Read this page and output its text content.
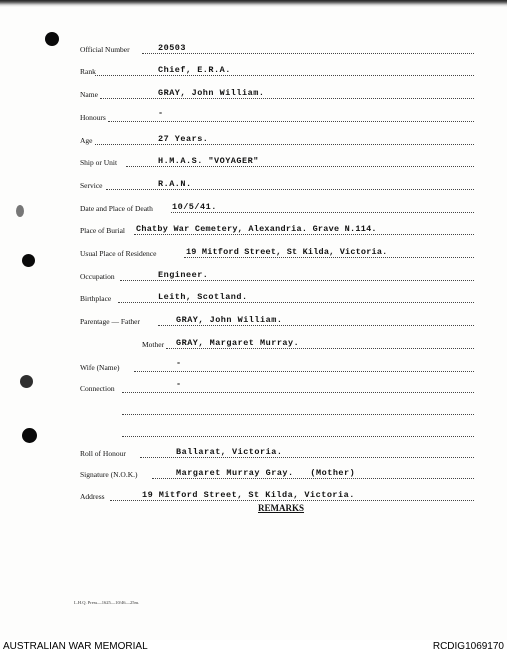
Official Number	20503
Rank	Chief, E.R.A.
Name	GRAY, John William.
Honours	-
Age	27 Years.
Ship or Unit	H.M.A.S. "VOYAGER"
Service	R.A.N.
Date and Place of Death 10/5/41.
Place of Burial Chatby War Cemetery, Alexandria. Grave N.114.
Usual Place of Residence	19 Mitford Street, St Kilda, Victoria.
Occupation	Engineer.
Birthplace	Leith, Scotland.
Parentage — Father	GRAY, John William.
Mother GRAY, Margaret Murray.
Wife (Name)	-
Connection	-
Roll of Honour	Ballarat, Victoria.
Signature (N.O.K.)	Margaret Murray Gray.   (Mother)
Address	19 Mitford Street, St Kilda, Victoria.
REMARKS
L.H.Q. Press—1625—10/46—25m.
AUSTRALIAN WAR MEMORIAL	RCDIG1069170
